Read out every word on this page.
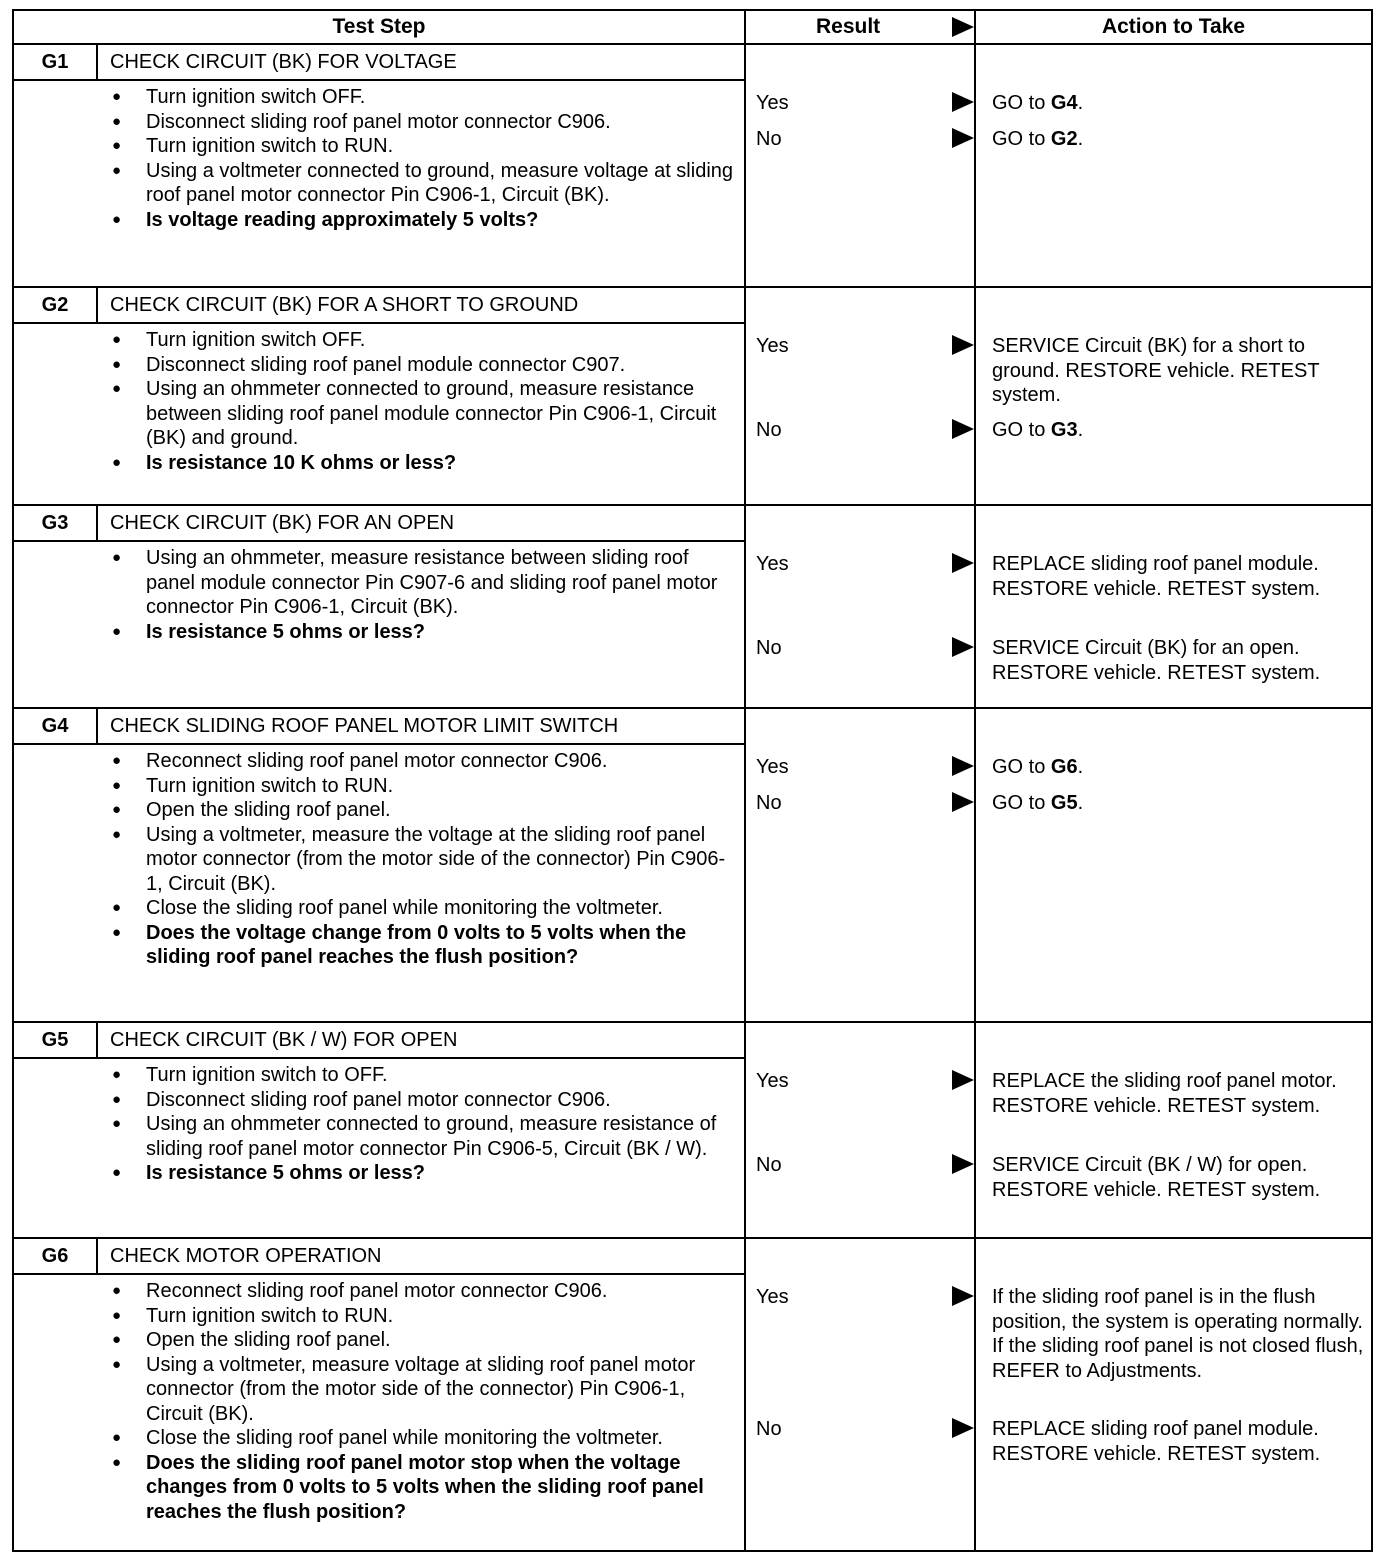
Test Step	Result	Action to Take
G1	CHECK CIRCUIT (BK) FOR VOLTAGE
● Turn ignition switch OFF.
● Disconnect sliding roof panel motor connector C906.
● Turn ignition switch to RUN.
● Using a voltmeter connected to ground, measure voltage at sliding roof panel motor connector Pin C906-1, Circuit (BK).
● Is voltage reading approximately 5 volts?
Yes	GO to G4.
No	GO to G2.
G2	CHECK CIRCUIT (BK) FOR A SHORT TO GROUND
● Turn ignition switch OFF.
● Disconnect sliding roof panel module connector C907.
● Using an ohmmeter connected to ground, measure resistance between sliding roof panel module connector Pin C906-1, Circuit (BK) and ground.
● Is resistance 10 K ohms or less?
Yes	SERVICE Circuit (BK) for a short to ground. RESTORE vehicle. RETEST system.
No	GO to G3.
G3	CHECK CIRCUIT (BK) FOR AN OPEN
● Using an ohmmeter, measure resistance between sliding roof panel module connector Pin C907-6 and sliding roof panel motor connector Pin C906-1, Circuit (BK).
● Is resistance 5 ohms or less?
Yes	REPLACE sliding roof panel module. RESTORE vehicle. RETEST system.
No	SERVICE Circuit (BK) for an open. RESTORE vehicle. RETEST system.
G4	CHECK SLIDING ROOF PANEL MOTOR LIMIT SWITCH
● Reconnect sliding roof panel motor connector C906.
● Turn ignition switch to RUN.
● Open the sliding roof panel.
● Using a voltmeter, measure the voltage at the sliding roof panel motor connector (from the motor side of the connector) Pin C906-1, Circuit (BK).
● Close the sliding roof panel while monitoring the voltmeter.
● Does the voltage change from 0 volts to 5 volts when the sliding roof panel reaches the flush position?
Yes	GO to G6.
No	GO to G5.
G5	CHECK CIRCUIT (BK / W) FOR OPEN
● Turn ignition switch to OFF.
● Disconnect sliding roof panel motor connector C906.
● Using an ohmmeter connected to ground, measure resistance of sliding roof panel motor connector Pin C906-5, Circuit (BK / W).
● Is resistance 5 ohms or less?
Yes	REPLACE the sliding roof panel motor. RESTORE vehicle. RETEST system.
No	SERVICE Circuit (BK / W) for open. RESTORE vehicle. RETEST system.
G6	CHECK MOTOR OPERATION
● Reconnect sliding roof panel motor connector C906.
● Turn ignition switch to RUN.
● Open the sliding roof panel.
● Using a voltmeter, measure voltage at sliding roof panel motor connector (from the motor side of the connector) Pin C906-1, Circuit (BK).
● Close the sliding roof panel while monitoring the voltmeter.
● Does the sliding roof panel motor stop when the voltage changes from 0 volts to 5 volts when the sliding roof panel reaches the flush position?
Yes	If the sliding roof panel is in the flush position, the system is operating normally. If the sliding roof panel is not closed flush, REFER to Adjustments.
No	REPLACE sliding roof panel module. RESTORE vehicle. RETEST system.
